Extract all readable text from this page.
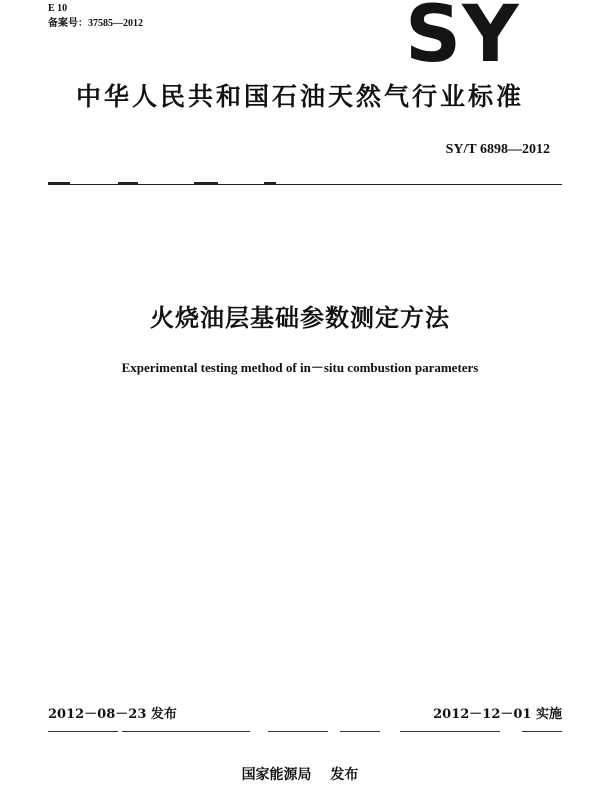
E 10
备案号：37585—2012	SY
中华人民共和国石油天然气行业标准
SY/T 6898—2012
火烧油层基础参数测定方法
Experimental testing method of in－situ combustion parameters
2012－08－23 发布	2012－12－01 实施
国家能源局 发布
